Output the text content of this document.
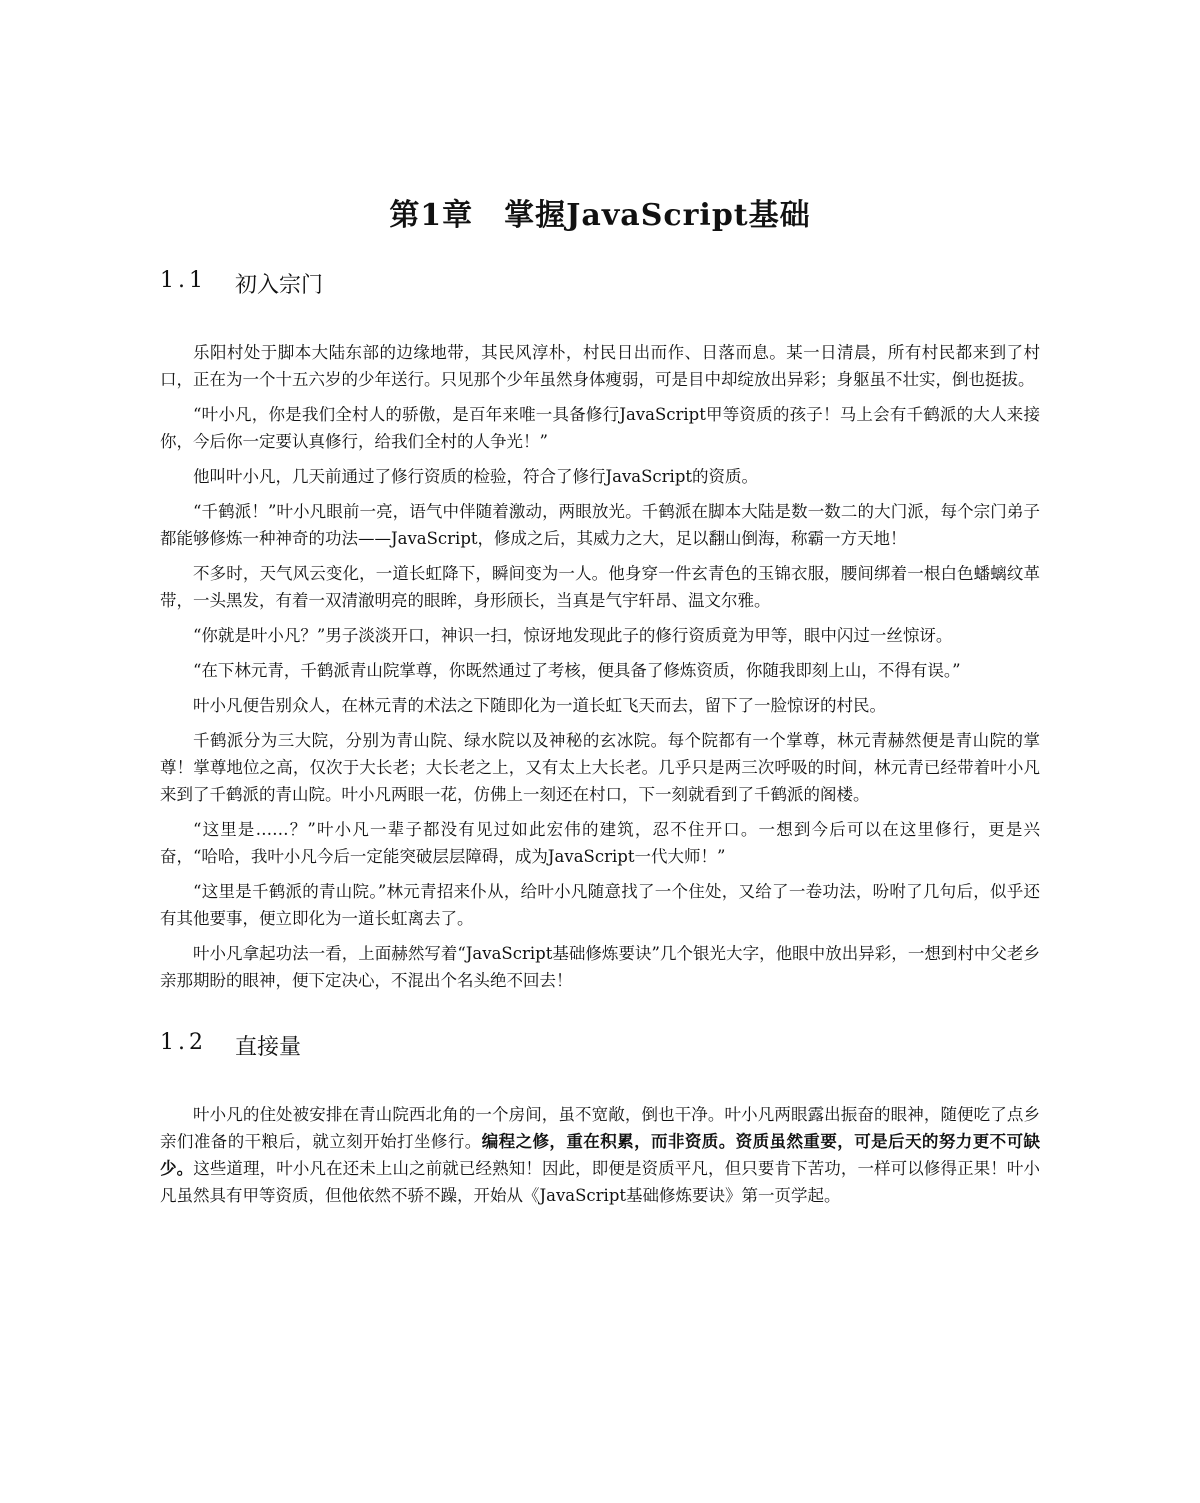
第1章　掌握JavaScript基础
1.1 初入宗门

乐阳村处于脚本大陆东部的边缘地带，其民风淳朴，村民日出而作、日落而息。某一日清晨，所有村民都来到了村口，正在为一个十五六岁的少年送行。只见那个少年虽然身体瘦弱，可是目中却绽放出异彩；身躯虽不壮实，倒也挺拔。

“叶小凡，你是我们全村人的骄傲，是百年来唯一具备修行JavaScript甲等资质的孩子！马上会有千鹤派的大人来接你，今后你一定要认真修行，给我们全村的人争光！”

他叫叶小凡，几天前通过了修行资质的检验，符合了修行JavaScript的资质。

“千鹤派！”叶小凡眼前一亮，语气中伴随着激动，两眼放光。千鹤派在脚本大陆是数一数二的大门派，每个宗门弟子都能够修炼一种神奇的功法——JavaScript，修成之后，其威力之大，足以翻山倒海，称霸一方天地！

不多时，天气风云变化，一道长虹降下，瞬间变为一人。他身穿一件玄青色的玉锦衣服，腰间绑着一根白色蟠螭纹革带，一头黑发，有着一双清澈明亮的眼眸，身形颀长，当真是气宇轩昂、温文尔雅。

“你就是叶小凡？”男子淡淡开口，神识一扫，惊讶地发现此子的修行资质竟为甲等，眼中闪过一丝惊讶。

“在下林元青，千鹤派青山院掌尊，你既然通过了考核，便具备了修炼资质，你随我即刻上山，不得有误。”

叶小凡便告别众人，在林元青的术法之下随即化为一道长虹飞天而去，留下了一脸惊讶的村民。

千鹤派分为三大院，分别为青山院、绿水院以及神秘的玄冰院。每个院都有一个掌尊，林元青赫然便是青山院的掌尊！掌尊地位之高，仅次于大长老；大长老之上，又有太上大长老。几乎只是两三次呼吸的时间，林元青已经带着叶小凡来到了千鹤派的青山院。叶小凡两眼一花，仿佛上一刻还在村口，下一刻就看到了千鹤派的阁楼。

“这里是……？”叶小凡一辈子都没有见过如此宏伟的建筑，忍不住开口。一想到今后可以在这里修行，更是兴奋，“哈哈，我叶小凡今后一定能突破层层障碍，成为JavaScript一代大师！”

“这里是千鹤派的青山院。”林元青招来仆从，给叶小凡随意找了一个住处，又给了一卷功法，吩咐了几句后，似乎还有其他要事，便立即化为一道长虹离去了。

叶小凡拿起功法一看，上面赫然写着“JavaScript基础修炼要诀”几个银光大字，他眼中放出异彩，一想到村中父老乡亲那期盼的眼神，便下定决心，不混出个名头绝不回去！

1.2 直接量

叶小凡的住处被安排在青山院西北角的一个房间，虽不宽敞，倒也干净。叶小凡两眼露出振奋的眼神，随便吃了点乡亲们准备的干粮后，就立刻开始打坐修行。编程之修，重在积累，而非资质。资质虽然重要，可是后天的努力更不可缺少。这些道理，叶小凡在还未上山之前就已经熟知！因此，即便是资质平凡，但只要肯下苦功，一样可以修得正果！叶小凡虽然具有甲等资质，但他依然不骄不躁，开始从《JavaScript基础修炼要诀》第一页学起。
